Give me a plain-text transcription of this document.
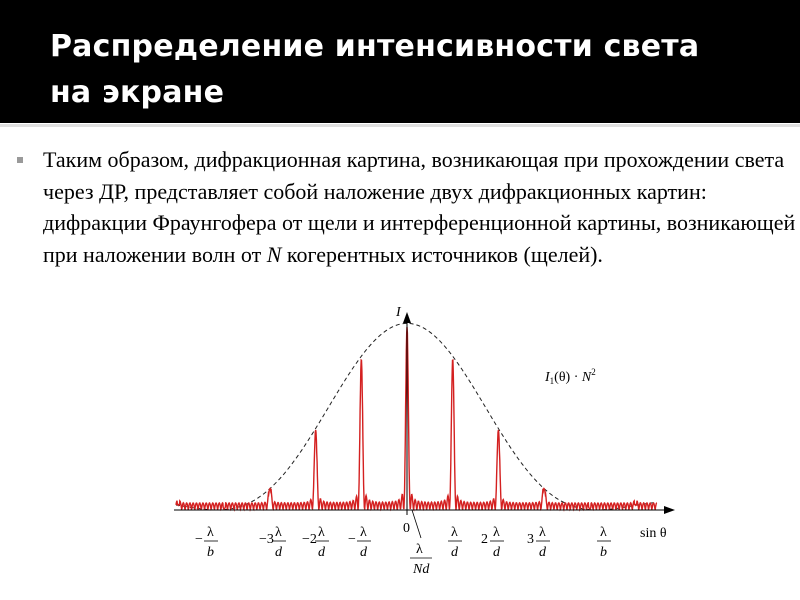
Распределение интенсивности света
на экране
Таким образом, дифракционная картина, возникающая при прохождении света через ДР, представляет собой наложение двух дифракционных картин: дифракции Фраунгофера от щели и интерференционной картины, возникающей при наложении волн от N когерентных источников (щелей).
I
sin θ
0
$I_1(\theta) \cdot N^2$
− λ
b
−3 λ
d
−2 λ
d
− λ
d
λ
d
2 λ
d
3 λ
d
λ
b
λ
Nd
